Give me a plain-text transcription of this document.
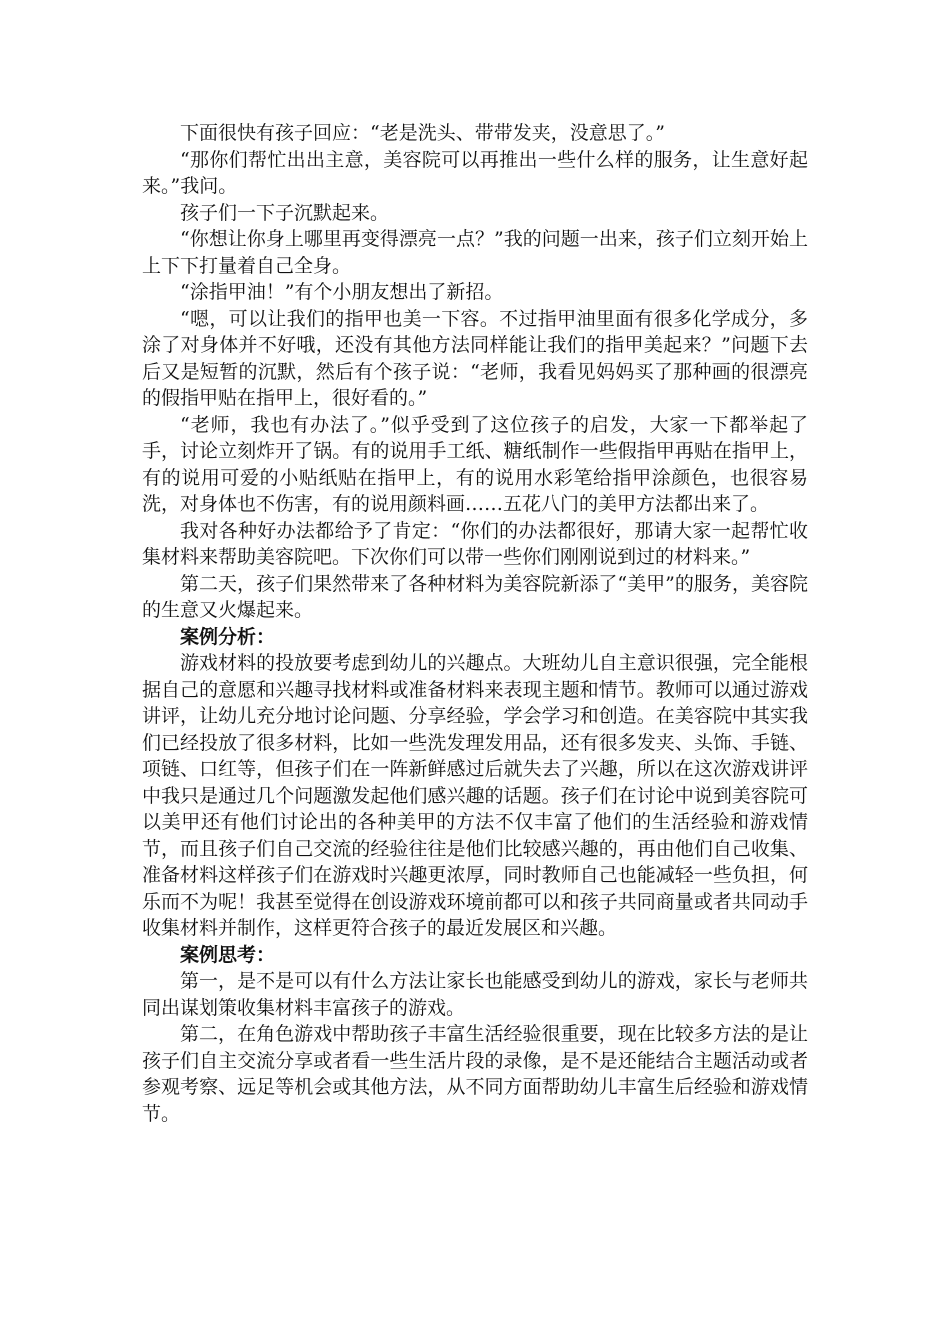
下面很快有孩子回应：“老是洗头、带带发夹，没意思了。”

“那你们帮忙出出主意，美容院可以再推出一些什么样的服务，让生意好起来。”我问。

孩子们一下子沉默起来。

“你想让你身上哪里再变得漂亮一点？”我的问题一出来，孩子们立刻开始上上下下打量着自己全身。

“涂指甲油！”有个小朋友想出了新招。

“嗯，可以让我们的指甲也美一下容。不过指甲油里面有很多化学成分，多涂了对身体并不好哦，还没有其他方法同样能让我们的指甲美起来？”问题下去后又是短暂的沉默，然后有个孩子说：“老师，我看见妈妈买了那种画的很漂亮的假指甲贴在指甲上，很好看的。”

“老师，我也有办法了。”似乎受到了这位孩子的启发，大家一下都举起了手，讨论立刻炸开了锅。有的说用手工纸、糖纸制作一些假指甲再贴在指甲上，有的说用可爱的小贴纸贴在指甲上，有的说用水彩笔给指甲涂颜色，也很容易洗，对身体也不伤害，有的说用颜料画……五花八门的美甲方法都出来了。

我对各种好办法都给予了肯定：“你们的办法都很好，那请大家一起帮忙收集材料来帮助美容院吧。下次你们可以带一些你们刚刚说到过的材料来。”

第二天，孩子们果然带来了各种材料为美容院新添了“美甲”的服务，美容院的生意又火爆起来。

案例分析：

游戏材料的投放要考虑到幼儿的兴趣点。大班幼儿自主意识很强，完全能根据自己的意愿和兴趣寻找材料或准备材料来表现主题和情节。教师可以通过游戏讲评，让幼儿充分地讨论问题、分享经验，学会学习和创造。在美容院中其实我们已经投放了很多材料，比如一些洗发理发用品，还有很多发夹、头饰、手链、项链、口红等，但孩子们在一阵新鲜感过后就失去了兴趣，所以在这次游戏讲评中我只是通过几个问题激发起他们感兴趣的话题。孩子们在讨论中说到美容院可以美甲还有他们讨论出的各种美甲的方法不仅丰富了他们的生活经验和游戏情节，而且孩子们自己交流的经验往往是他们比较感兴趣的，再由他们自己收集、准备材料这样孩子们在游戏时兴趣更浓厚，同时教师自己也能减轻一些负担，何乐而不为呢！我甚至觉得在创设游戏环境前都可以和孩子共同商量或者共同动手收集材料并制作，这样更符合孩子的最近发展区和兴趣。

案例思考：

第一，是不是可以有什么方法让家长也能感受到幼儿的游戏，家长与老师共同出谋划策收集材料丰富孩子的游戏。

第二，在角色游戏中帮助孩子丰富生活经验很重要，现在比较多方法的是让孩子们自主交流分享或者看一些生活片段的录像，是不是还能结合主题活动或者参观考察、远足等机会或其他方法，从不同方面帮助幼儿丰富生后经验和游戏情节。
